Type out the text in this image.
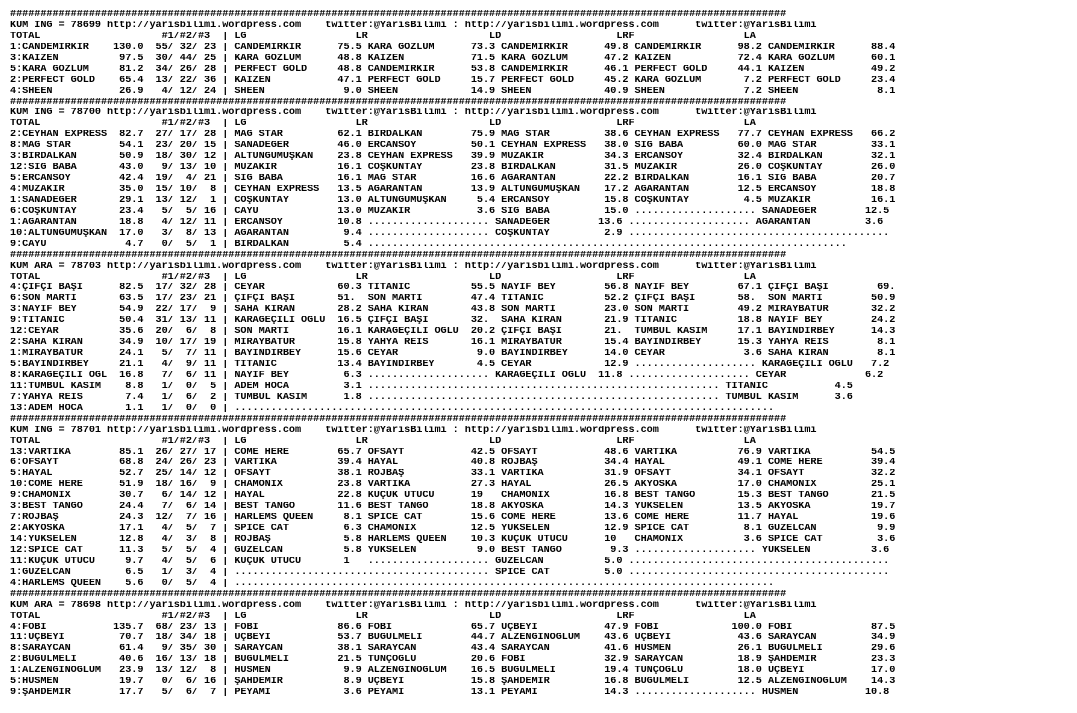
################################################################################################################################
KUM ING = 78699 http://yarisbilimi.wordpress.com    twitter:@YarisBilimi : http://yarisbilimi.wordpress.com      twitter:@YarisBilimi
TOTAL                    #1/#2/#3  | LG                  LR                    LD                   LRF                  LA
1:CANDEMİRKIR    130.0  55/ 32/ 23 | CANDEMİRKIR      75.5 KARA GÖZLÜM      73.3 CANDEMİRKIR      49.8 CANDEMİRKIR      98.2 CANDEMİRKIR      88.4
3:KAIZEN          97.5  30/ 44/ 25 | KARA GÖZLÜM      48.8 KAIZEN           71.5 KARA GÖZLÜM      47.2 KAIZEN           72.4 KARA GÖZLÜM      60.1
5:KARA GÖZLÜM     81.2  34/ 26/ 28 | PERFECT GOLD     48.8 CANDEMİRKIR      53.8 CANDEMİRKIR      46.1 PERFECT GOLD     44.1 KAIZEN           49.2
2:PERFECT GOLD    65.4  13/ 22/ 36 | KAIZEN           47.1 PERFECT GOLD     15.7 PERFECT GOLD     45.2 KARA GÖZLÜM       7.2 PERFECT GOLD     23.4
4:SHEEN           26.9   4/ 12/ 24 | SHEEN             9.0 SHEEN            14.9 SHEEN            40.9 SHEEN             7.2 SHEEN             8.1
################################################################################################################################
KUM ING = 78700 http://yarisbilimi.wordpress.com    twitter:@YarisBilimi : http://yarisbilimi.wordpress.com      twitter:@YarisBilimi
TOTAL                    #1/#2/#3  | LG                  LR                    LD                   LRF                  LA
2:CEYHAN EXPRESS  82.7  27/ 17/ 28 | MAG STAR         62.1 BİRDALKAN        75.9 MAG STAR         38.6 CEYHAN EXPRESS   77.7 CEYHAN EXPRESS   66.2
8:MAG STAR        54.1  23/ 20/ 15 | SANADEĞER        46.0 ERCANSOY         50.1 CEYHAN EXPRESS   38.0 SIĞ BABA         60.0 MAG STAR         33.1
3:BİRDALKAN       50.9  18/ 30/ 12 | ALTUNGÜMÜŞKAN    23.8 CEYHAN EXPRESS   39.9 MÜZAKİR          34.3 ERCANSOY         32.4 BİRDALKAN        32.1
12:SIĞ BABA       43.0   9/ 13/ 10 | MÜZAKİR          16.1 COŞKUNTAY        23.8 BİRDALKAN        31.5 MÜZAKİR          26.0 COŞKUNTAY        26.0
5:ERCANSOY        42.4  19/  4/ 21 | SIĞ BABA         16.1 MAG STAR         16.6 AĞARANTAN        22.2 BİRDALKAN        16.1 SIĞ BABA         20.7
4:MÜZAKİR         35.0  15/ 10/  8 | CEYHAN EXPRESS   13.5 AĞARANTAN        13.9 ALTUNGÜMÜŞKAN    17.2 AĞARANTAN        12.5 ERCANSOY         18.8
1:SANADEĞER       29.1  13/ 12/  1 | COŞKUNTAY        13.0 ALTUNGÜMÜŞKAN     5.4 ERCANSOY         15.8 COŞKUNTAY         4.5 MÜZAKİR          16.1
6:COŞKUNTAY       23.4   5/  5/ 16 | CAYU             13.0 MÜZAKİR           3.6 SIĞ BABA         15.0 .................... SANADEĞER        12.5
1:AĞARANTAN       18.8   4/ 12/ 11 | ERCANSOY         10.8 .................... SANADEĞER        13.6 .................... AĞARANTAN         3.6
10:ALTUNGÜMÜŞKAN  17.0   3/  8/ 13 | AĞARANTAN         9.4 .................... COŞKUNTAY         2.9 ...........................................
9:CAYU             4.7   0/  5/  1 | BİRDALKAN         5.4 ...............................................................................
################################################################################################################################
KUM ARA = 78703 http://yarisbilimi.wordpress.com    twitter:@YarisBilimi : http://yarisbilimi.wordpress.com      twitter:@YarisBilimi
TOTAL                    #1/#2/#3  | LG                  LR                    LD                   LRF                  LA
4:ÇİFÇİ BAŞI      82.5  17/ 32/ 28 | CEYAR            60.3 TITANIC          55.5 NAYİF BEY        56.8 NAYİF BEY        67.1 ÇİFÇİ BAŞI        69.
6:SON MARTI       63.5  17/ 23/ 21 | ÇİFÇİ BAŞI       51.  SON MARTI        47.4 TITANIC          52.2 ÇİFÇİ BAŞI       58.  SON MARTI        50.9
3:NAYİF BEY       54.9  22/ 17/  9 | SAHA KIRAN       28.2 SAHA KIRAN       43.8 SON MARTI        23.0 SON MARTI        49.2 MİRAYBATUR       32.2
9:TITANIC         50.4  31/ 13/ 11 | KARAGEÇİLİ OĞLU  16.5 ÇİFÇİ BAŞI       32.  SAHA KIRAN       21.9 TITANIC          18.8 NAYİF BEY        24.2
12:CEYAR          35.6  20/  6/  8 | SON MARTI        16.1 KARAGEÇİLİ OĞLU  20.2 ÇİFÇİ BAŞI       21.  TUMBUL KASIM     17.1 BAYINDIRBEY      14.3
2:SAHA KIRAN      34.9  10/ 17/ 19 | MİRAYBATUR       15.8 YAHYA REİS       16.1 MİRAYBATUR       15.4 BAYINDIRBEY      15.3 YAHYA REİS        8.1
1:MİRAYBATUR      24.1   5/  7/ 11 | BAYINDIRBEY      15.6 CEYAR             9.0 BAYINDIRBEY      14.0 CEYAR             3.6 SAHA KIRAN        8.1
5:BAYINDIRBEY     21.1   4/  9/ 11 | TITANIC          13.4 BAYINDIRBEY       4.5 CEYAR            12.9 .................... KARAGEÇİLİ OĞLU   7.2
8:KARAGEÇİLİ OĞL  16.8   7/  6/ 11 | NAYİF BEY         6.3 .................... KARAGEÇİLİ OĞLU  11.8 .................... CEYAR             6.2
11:TUMBUL KASIM    8.8   1/  0/  5 | ADEM HOCA         3.1 .......................................................... TITANIC           4.5
7:YAHYA REİS       7.4   1/  6/  2 | TUMBUL KASIM      1.8 .......................................................... TUMBUL KASIM      3.6
13:ADEM HOCA       1.1   1/  0/  0 | .........................................................................................
################################################################################################################################
KUM ING = 78701 http://yarisbilimi.wordpress.com    twitter:@YarisBilimi : http://yarisbilimi.wordpress.com      twitter:@YarisBilimi
TOTAL                    #1/#2/#3  | LG                  LR                    LD                   LRF                  LA
13:VARTİKA        85.1  26/ 27/ 17 | COME HERE        65.7 OFSAYT           42.5 OFSAYT           48.6 VARTİKA          76.9 VARTİKA          54.5
6:OFSAYT          68.8  24/ 26/ 23 | VARTİKA          39.4 HAYAL            40.8 ROJBAŞ           34.4 HAYAL            49.1 COME HERE        39.4
5:HAYAL           52.7  25/ 14/ 12 | OFSAYT           38.1 ROJBAŞ           33.1 VARTİKA          31.9 OFSAYT           34.1 OFSAYT           32.2
10:COME HERE      51.9  18/ 16/  9 | CHAMONIX         23.8 VARTİKA          27.3 HAYAL            26.5 AKYOSKA          17.0 CHAMONIX         25.1
9:CHAMONIX        30.7   6/ 14/ 12 | HAYAL            22.8 KÜÇÜK ÜTÜCÜ      19   CHAMONIX         16.8 BEST TANGO       15.3 BEST TANGO       21.5
3:BEST TANGO      24.4   7/  6/ 14 | BEST TANGO       11.6 BEST TANGO       18.8 AKYOSKA          14.3 YÜKSELEN         13.5 AKYOSKA          19.7
7:ROJBAŞ          24.3  12/  7/ 16 | HARLEMS QUEEN     8.1 SPICE CAT        15.6 COME HERE        13.6 COME HERE        11.7 HAYAL            19.6
2:AKYOSKA         17.1   4/  5/  7 | SPICE CAT         6.3 CHAMONIX         12.5 YÜKSELEN         12.9 SPICE CAT         8.1 GÜZELCAN          9.9
14:YÜKSELEN       12.8   4/  3/  8 | ROJBAŞ            5.8 HARLEMS QUEEN    10.3 KÜÇÜK ÜTÜCÜ      10   CHAMONIX          3.6 SPICE CAT         3.6
12:SPICE CAT      11.3   5/  5/  4 | GÜZELCAN          5.8 YÜKSELEN          9.0 BEST TANGO        9.3 .................... YÜKSELEN          3.6
11:KÜÇÜK ÜTÜCÜ     9.7   4/  5/  6 | KÜÇÜK ÜTÜCÜ       1   .................... GÜZELCAN          5.0 ...........................................
1:GÜZELCAN         6.5   1/  3/  4 | .......................................... SPICE CAT         5.0 ...........................................
4:HARLEMS QUEEN    5.6   0/  5/  4 | .........................................................................................
################################################################################################################################
KUM ARA = 78698 http://yarisbilimi.wordpress.com    twitter:@YarisBilimi : http://yarisbilimi.wordpress.com      twitter:@YarisBilimi
TOTAL                    #1/#2/#3  | LG                  LR                    LD                   LRF                  LA
4:FOBİ           135.7  68/ 23/ 13 | FOBİ             86.6 FOBİ             65.7 UÇBEYİ           47.9 FOBİ            100.0 FOBİ             87.5
11:UÇBEYİ         70.7  18/ 34/ 18 | UÇBEYİ           53.7 BUĞULMELİ        44.7 ALZENGİNOĞLUM    43.6 UÇBEYİ           43.6 SARAYCAN         34.9
8:SARAYCAN        61.4   9/ 35/ 30 | SARAYCAN         38.1 SARAYCAN         43.4 SARAYCAN         41.6 HÜSMEN           26.1 BUĞULMELİ        29.6
2:BUĞULMELİ       40.6  16/ 13/ 18 | BUĞULMELİ        21.5 TUNÇOĞLU         20.6 FOBİ             32.9 SARAYCAN         18.9 ŞAHDEMİR         23.3
1:ALZENGİNOĞLUM   23.9  13/ 12/  8 | HÜSMEN            9.9 ALZENGİNOĞLUM    16.5 BUĞULMELİ        19.4 TUNÇOĞLU         18.0 UÇBEYİ           17.0
5:HÜSMEN          19.7   0/  6/ 16 | ŞAHDEMİR          8.9 UÇBEYİ           15.8 ŞAHDEMİR         16.8 BUĞULMELİ        12.5 ALZENGİNOĞLUM    14.3
9:ŞAHDEMİR        17.7   5/  6/  7 | PEYAMİ            3.6 PEYAMİ           13.1 PEYAMİ           14.3 .................... HÜSMEN           10.8
